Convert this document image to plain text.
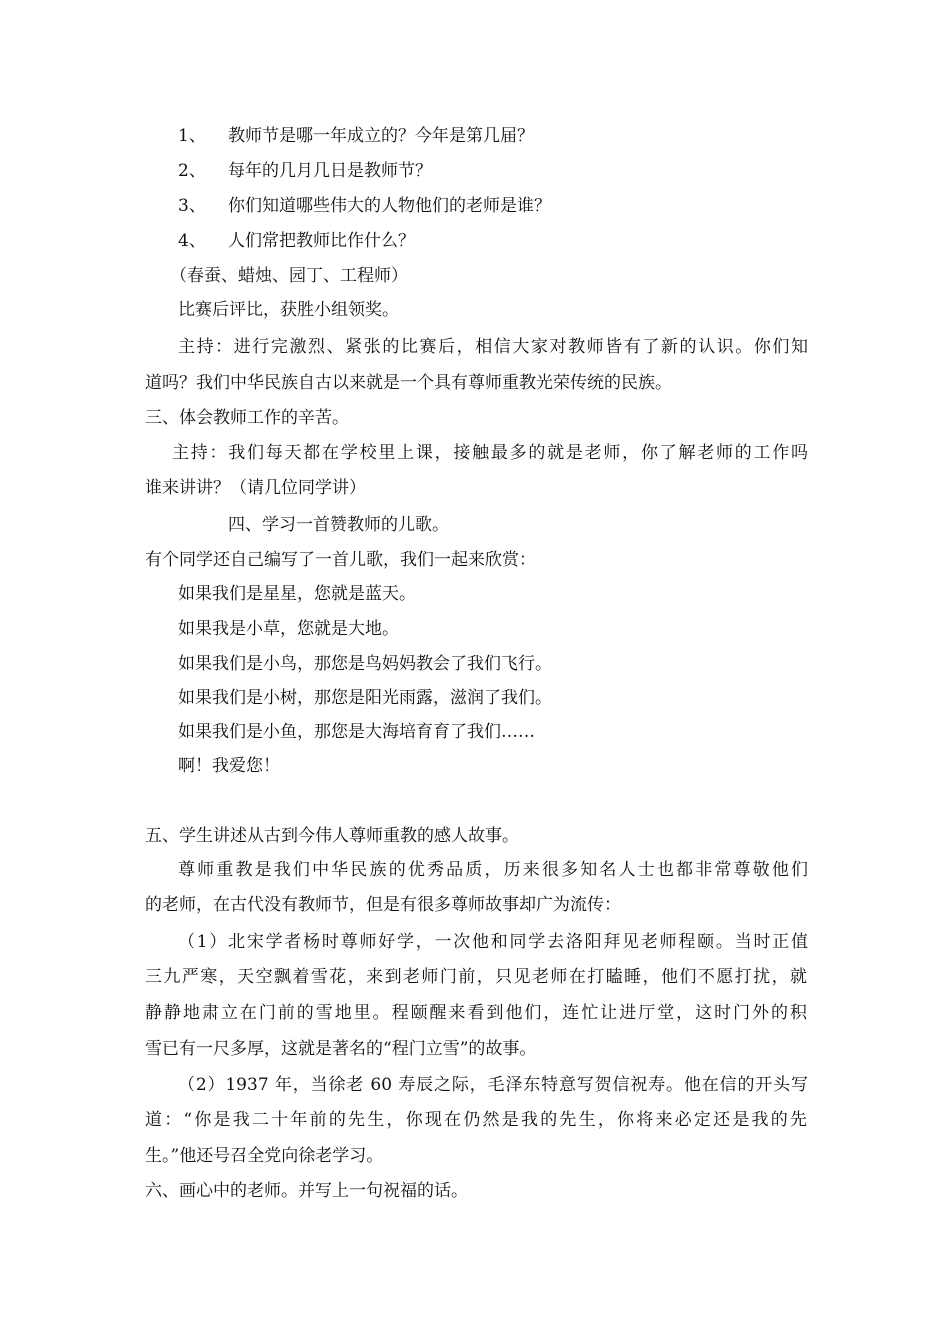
1、 教师节是哪一年成立的？今年是第几届？
2、 每年的几月几日是教师节？
3、 你们知道哪些伟大的人物他们的老师是谁？
4、 人们常把教师比作什么？
（春蚕、蜡烛、园丁、工程师）
比赛后评比，获胜小组领奖。
主持：进行完激烈、紧张的比赛后，相信大家对教师皆有了新的认识。你们知
道吗？我们中华民族自古以来就是一个具有尊师重教光荣传统的民族。
三、体会教师工作的辛苦。
主持：我们每天都在学校里上课，接触最多的就是老师，你了解老师的工作吗
谁来讲讲？（请几位同学讲）
四、学习一首赞教师的儿歌。
有个同学还自己编写了一首儿歌，我们一起来欣赏：
如果我们是星星，您就是蓝天。
如果我是小草，您就是大地。
如果我们是小鸟，那您是鸟妈妈教会了我们飞行。
如果我们是小树，那您是阳光雨露，滋润了我们。
如果我们是小鱼，那您是大海培育育了我们……
啊！我爱您！
五、学生讲述从古到今伟人尊师重教的感人故事。
尊师重教是我们中华民族的优秀品质，历来很多知名人士也都非常尊敬他们
的老师，在古代没有教师节，但是有很多尊师故事却广为流传：
（1）北宋学者杨时尊师好学，一次他和同学去洛阳拜见老师程颐。当时正值
三九严寒，天空飘着雪花，来到老师门前，只见老师在打瞌睡，他们不愿打扰，就
静静地肃立在门前的雪地里。程颐醒来看到他们，连忙让进厅堂，这时门外的积
雪已有一尺多厚，这就是著名的“程门立雪”的故事。
（2）1937 年，当徐老 60 寿辰之际，毛泽东特意写贺信祝寿。他在信的开头写
道：“你是我二十年前的先生，你现在仍然是我的先生，你将来必定还是我的先
生。”他还号召全党向徐老学习。
六、画心中的老师。并写上一句祝福的话。
